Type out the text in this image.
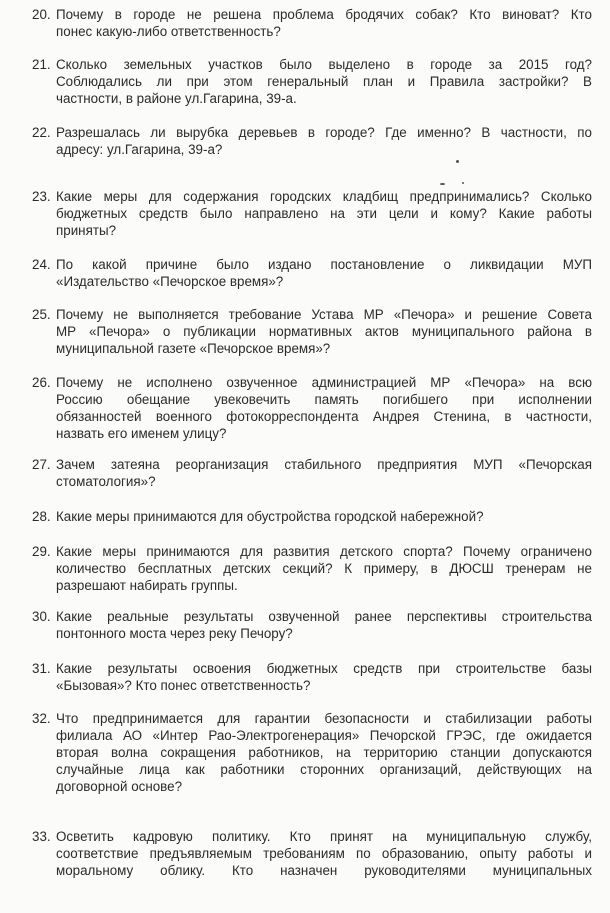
20. Почему в городе не решена проблема бродячих собак? Кто виноват? Кто
понес какую-либо ответственность?
21. Сколько земельных участков было выделено в городе за 2015 год?
Соблюдались ли при этом генеральный план и Правила застройки? В
частности, в районе ул.Гагарина, 39-а.
22. Разрешалась ли вырубка деревьев в городе? Где именно? В частности, по
адресу: ул.Гагарина, 39-а?
23. Какие меры для содержания городских кладбищ предпринимались? Сколько
бюджетных средств было направлено на эти цели и кому? Какие работы
приняты?
24. По какой причине было издано постановление о ликвидации МУП
«Издательство «Печорское время»?
25. Почему не выполняется требование Устава МР «Печора» и решение Совета
МР «Печора» о публикации нормативных актов муниципального района в
муниципальной газете «Печорское время»?
26. Почему не исполнено озвученное администрацией МР «Печора» на всю
Россию обещание увековечить память погибшего при исполнении
обязанностей военного фотокорреспондента Андрея Стенина, в частности,
назвать его именем улицу?
27. Зачем затеяна реорганизация стабильного предприятия МУП «Печорская
стоматология»?
28. Какие меры принимаются для обустройства городской набережной?
29. Какие меры принимаются для развития детского спорта? Почему ограничено
количество бесплатных детских секций? К примеру, в ДЮСШ тренерам не
разрешают набирать группы.
30. Какие реальные результаты озвученной ранее перспективы строительства
понтонного моста через реку Печору?
31. Какие результаты освоения бюджетных средств при строительстве базы
«Бызовая»? Кто понес ответственность?
32. Что предпринимается для гарантии безопасности и стабилизации работы
филиала АО «Интер Рао-Электрогенерация» Печорской ГРЭС, где ожидается
вторая волна сокращения работников, на территорию станции допускаются
случайные лица как работники сторонних организаций, действующих на
договорной основе?
33. Осветить кадровую политику. Кто принят на муниципальную службу,
соответствие предъявляемым требованиям по образованию, опыту работы и
моральному облику. Кто назначен руководителями муниципальных
